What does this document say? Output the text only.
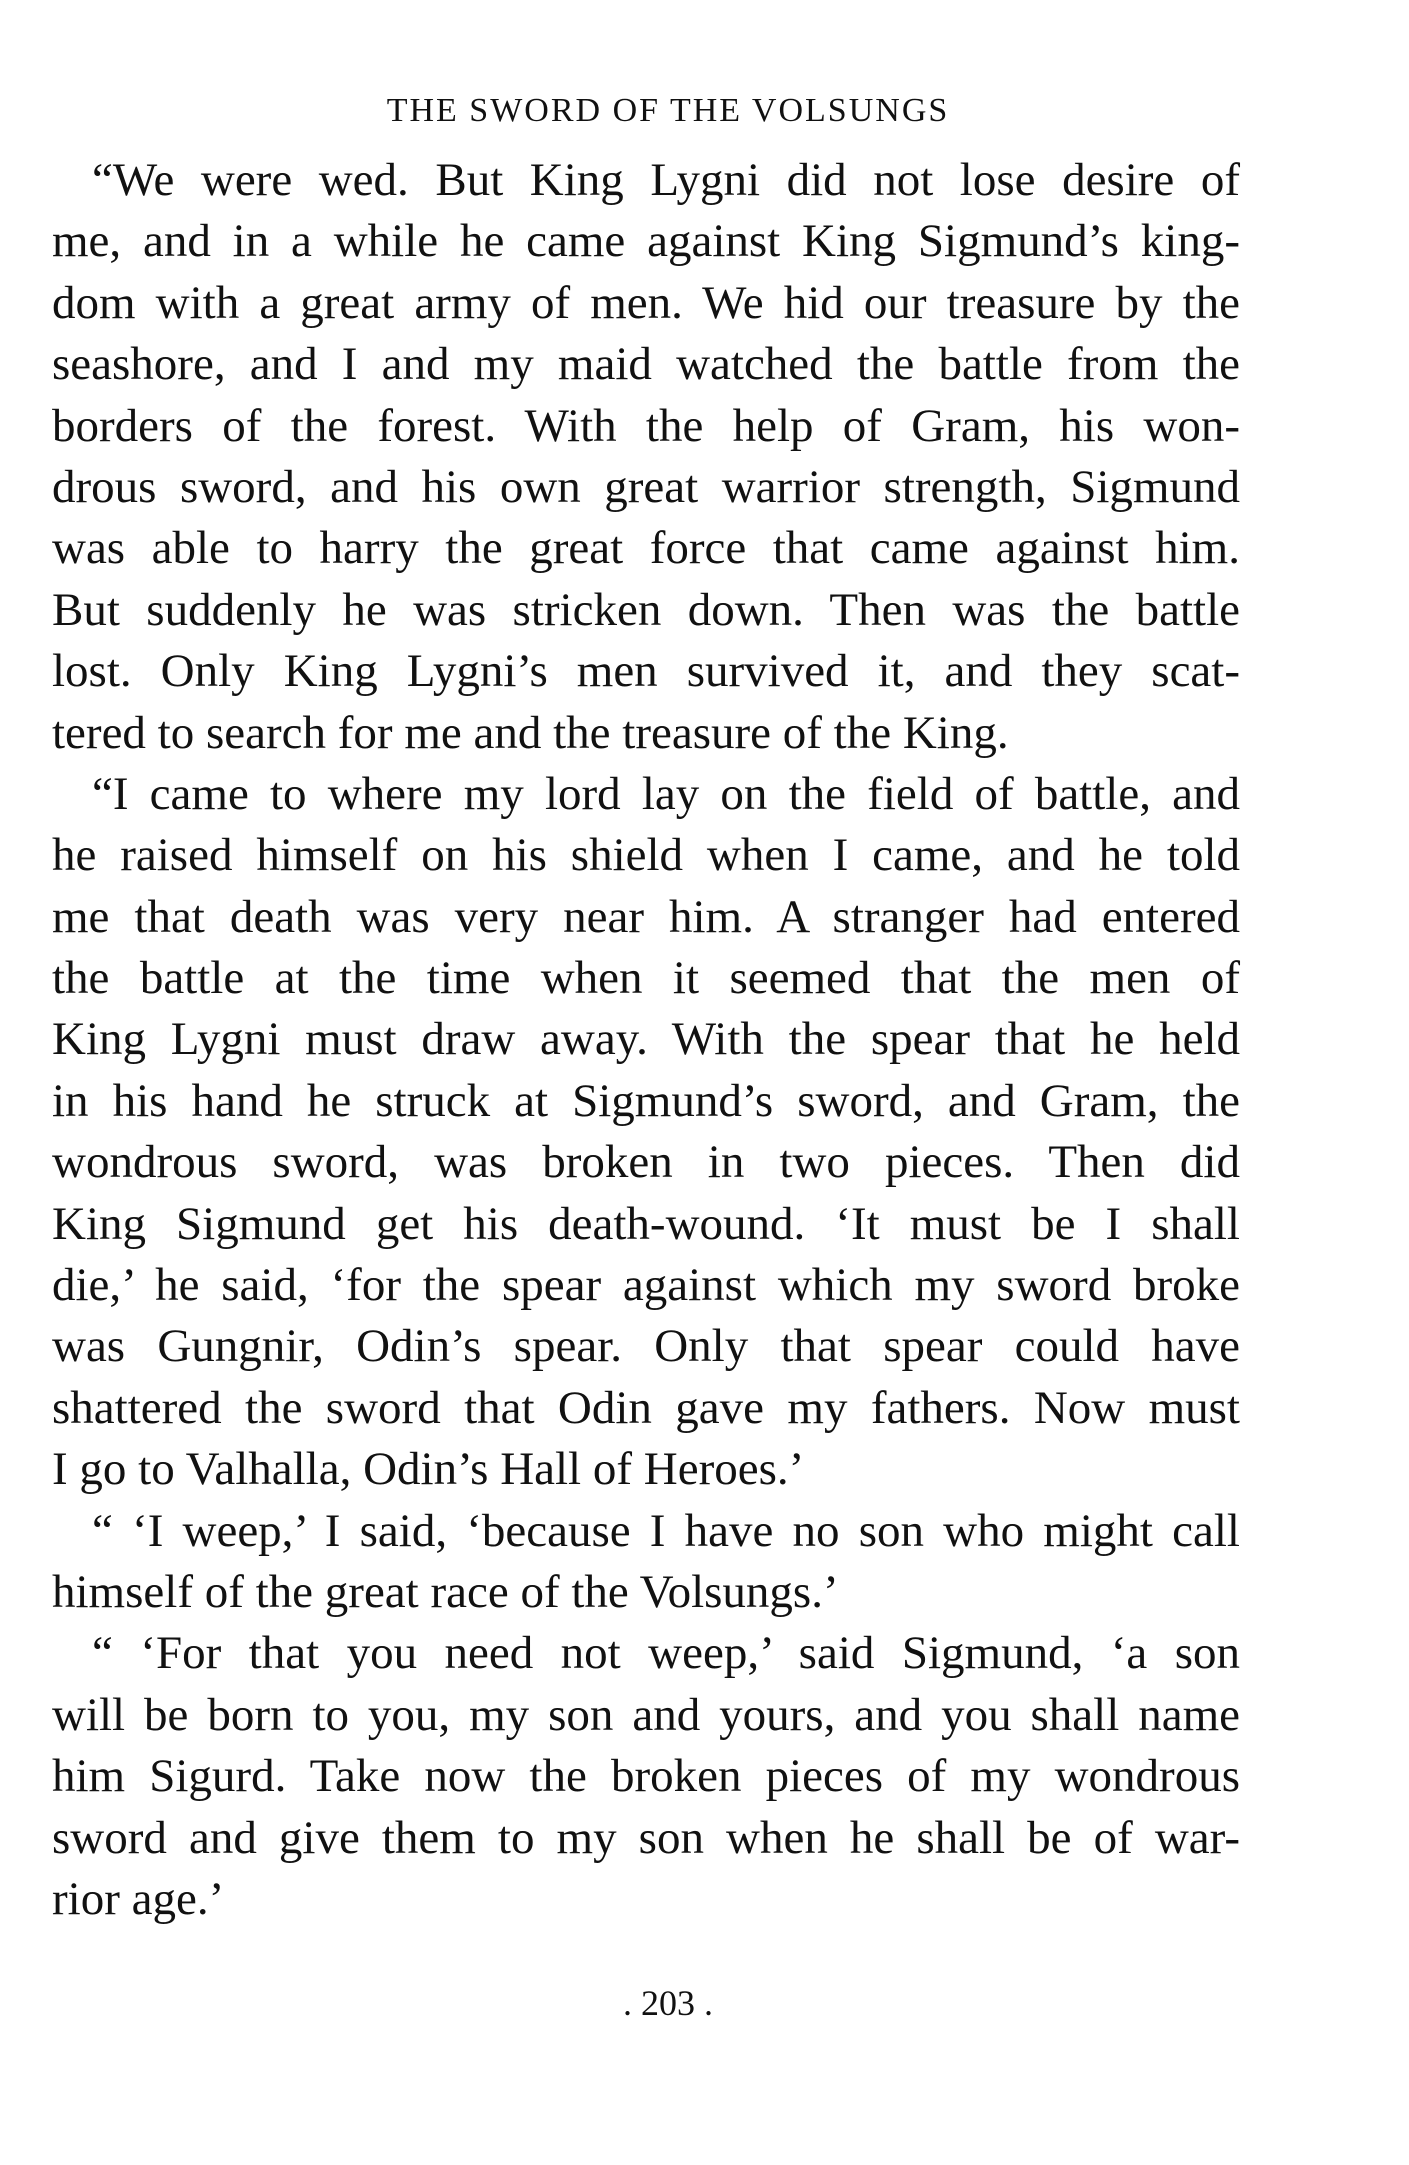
THE SWORD OF THE VOLSUNGS
“We were wed. But King Lygni did not lose desire of
me, and in a while he came against King Sigmund’s king-
dom with a great army of men. We hid our treasure by the
seashore, and I and my maid watched the battle from the
borders of the forest. With the help of Gram, his won-
drous sword, and his own great warrior strength, Sigmund
was able to harry the great force that came against him.
But suddenly he was stricken down. Then was the battle
lost. Only King Lygni’s men survived it, and they scat-
tered to search for me and the treasure of the King.
“I came to where my lord lay on the field of battle, and
he raised himself on his shield when I came, and he told
me that death was very near him. A stranger had entered
the battle at the time when it seemed that the men of
King Lygni must draw away. With the spear that he held
in his hand he struck at Sigmund’s sword, and Gram, the
wondrous sword, was broken in two pieces. Then did
King Sigmund get his death-wound. ‘It must be I shall
die,’ he said, ‘for the spear against which my sword broke
was Gungnir, Odin’s spear. Only that spear could have
shattered the sword that Odin gave my fathers. Now must
I go to Valhalla, Odin’s Hall of Heroes.’
“ ‘I weep,’ I said, ‘because I have no son who might call
himself of the great race of the Volsungs.’
“ ‘For that you need not weep,’ said Sigmund, ‘a son
will be born to you, my son and yours, and you shall name
him Sigurd. Take now the broken pieces of my wondrous
sword and give them to my son when he shall be of war-
rior age.’
. 203 .
